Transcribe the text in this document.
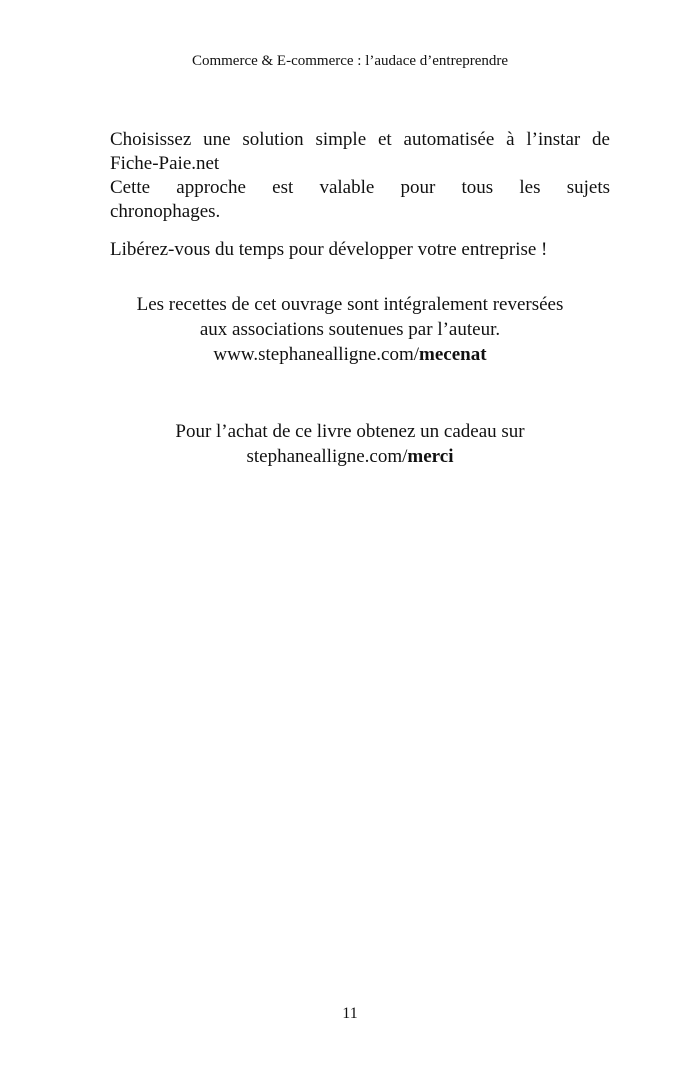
Commerce & E-commerce : l’audace d’entreprendre

Choisissez une solution simple et automatisée à l’instar de

Fiche-Paie.net

Cette approche est valable pour tous les sujets

chronophages.

Libérez-vous du temps pour développer votre entreprise !

Les recettes de cet ouvrage sont intégralement reversées

aux associations soutenues par l’auteur.

www.stephanealligne.com/mecenat

Pour l’achat de ce livre obtenez un cadeau sur

stephanealligne.com/merci

11
